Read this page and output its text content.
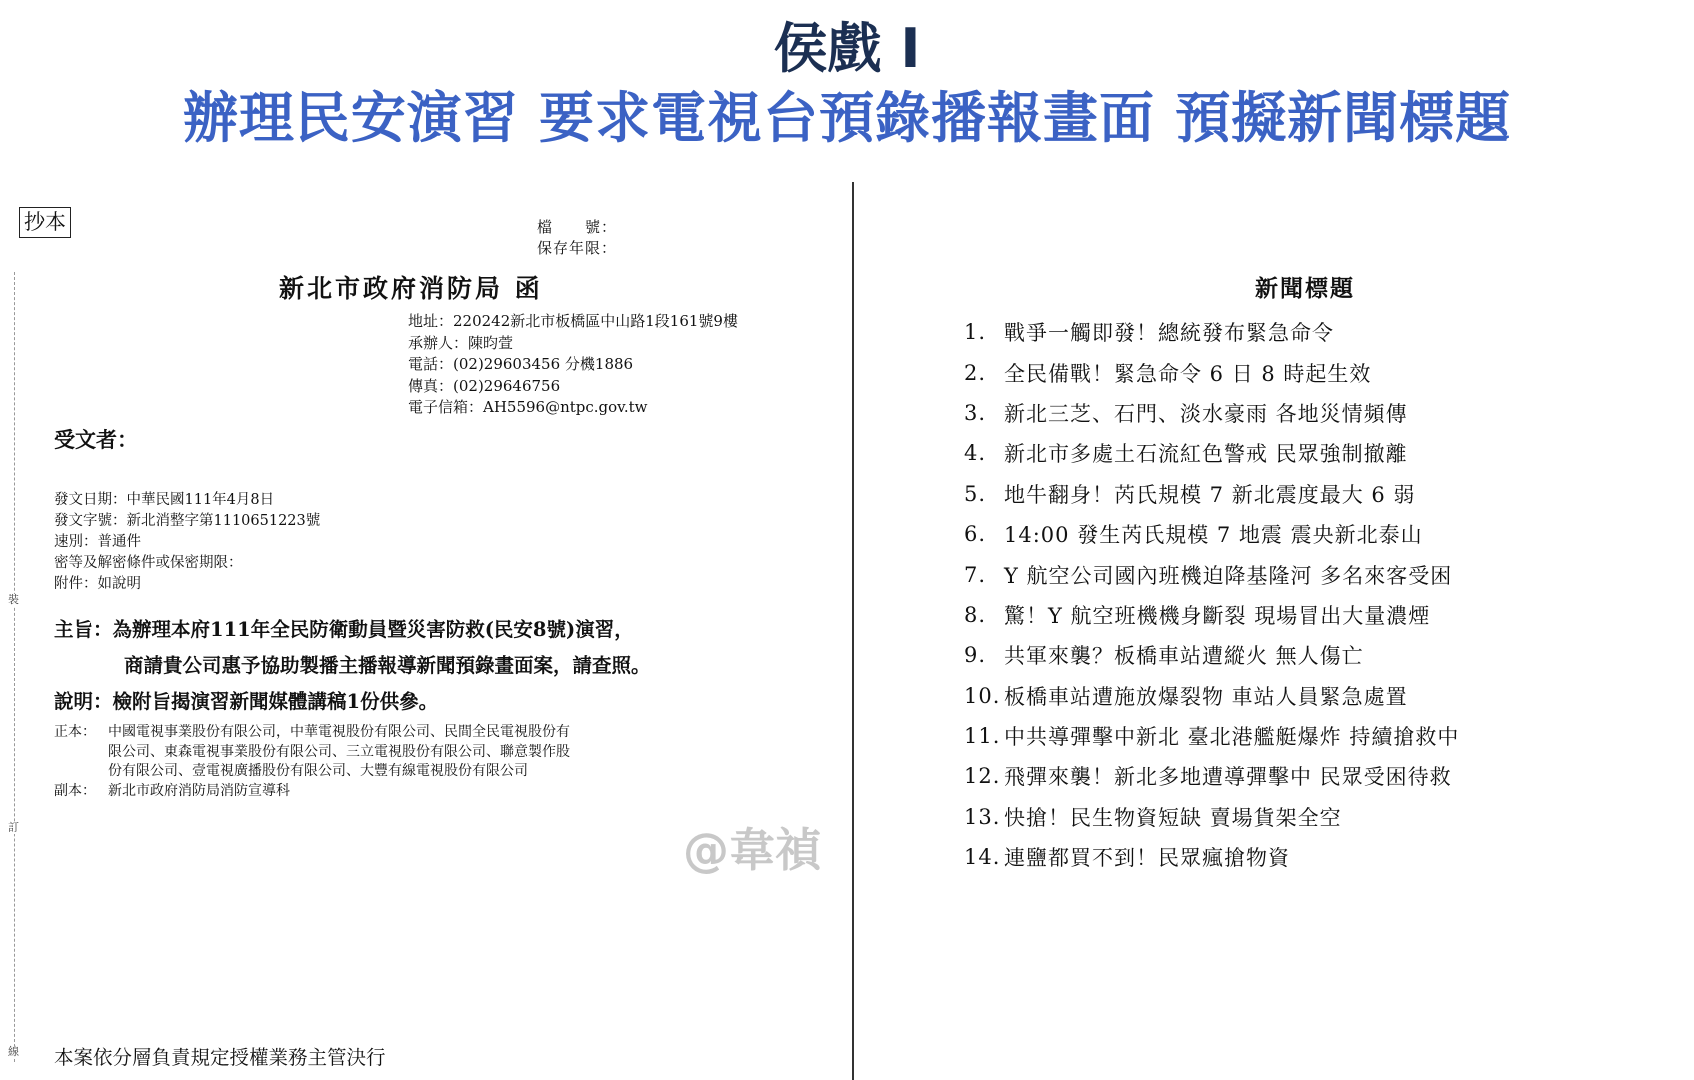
侯戲 I
辦理民安演習 要求電視台預錄播報畫面 預擬新聞標題
裝
訂
線
抄本	檔　　號：
保存年限：
新北市政府消防局 函
地址：220242新北市板橋區中山路1段161號9樓
承辦人：陳昀萱
電話：(02)29603456 分機1886
傳真：(02)29646756
電子信箱：AH5596@ntpc.gov.tw
受文者：
發文日期：中華民國111年4月8日
發文字號：新北消整字第1110651223號
速別：普通件
密等及解密條件或保密期限：
附件：如說明
主旨：為辦理本府111年全民防衛動員暨災害防救(民安8號)演習，
商請貴公司惠予協助製播主播報導新聞預錄畫面案，請查照。
說明：檢附旨揭演習新聞媒體講稿1份供參。
正本： 中國電視事業股份有限公司，中華電視股份有限公司、民間全民電視股份有
限公司、東森電視事業股份有限公司、三立電視股份有限公司、聯意製作股
份有限公司、壹電視廣播股份有限公司、大豐有線電視股份有限公司
副本： 新北市政府消防局消防宣導科
@韋禎
本案依分層負責規定授權業務主管決行
新聞標題
1. 戰爭一觸即發！總統發布緊急命令
2. 全民備戰！緊急命令 6 日 8 時起生效
3. 新北三芝、石門、淡水豪雨 各地災情頻傳
4. 新北市多處土石流紅色警戒 民眾強制撤離
5. 地牛翻身！芮氏規模 7 新北震度最大 6 弱
6. 14:00 發生芮氏規模 7 地震 震央新北泰山
7. Y 航空公司國內班機迫降基隆河 多名來客受困
8. 驚！Y 航空班機機身斷裂 現場冒出大量濃煙
9. 共軍來襲？板橋車站遭縱火 無人傷亡
10. 板橋車站遭施放爆裂物 車站人員緊急處置
11. 中共導彈擊中新北 臺北港艦艇爆炸 持續搶救中
12. 飛彈來襲！新北多地遭導彈擊中 民眾受困待救
13. 快搶！民生物資短缺 賣場貨架全空
14. 連鹽都買不到！民眾瘋搶物資
